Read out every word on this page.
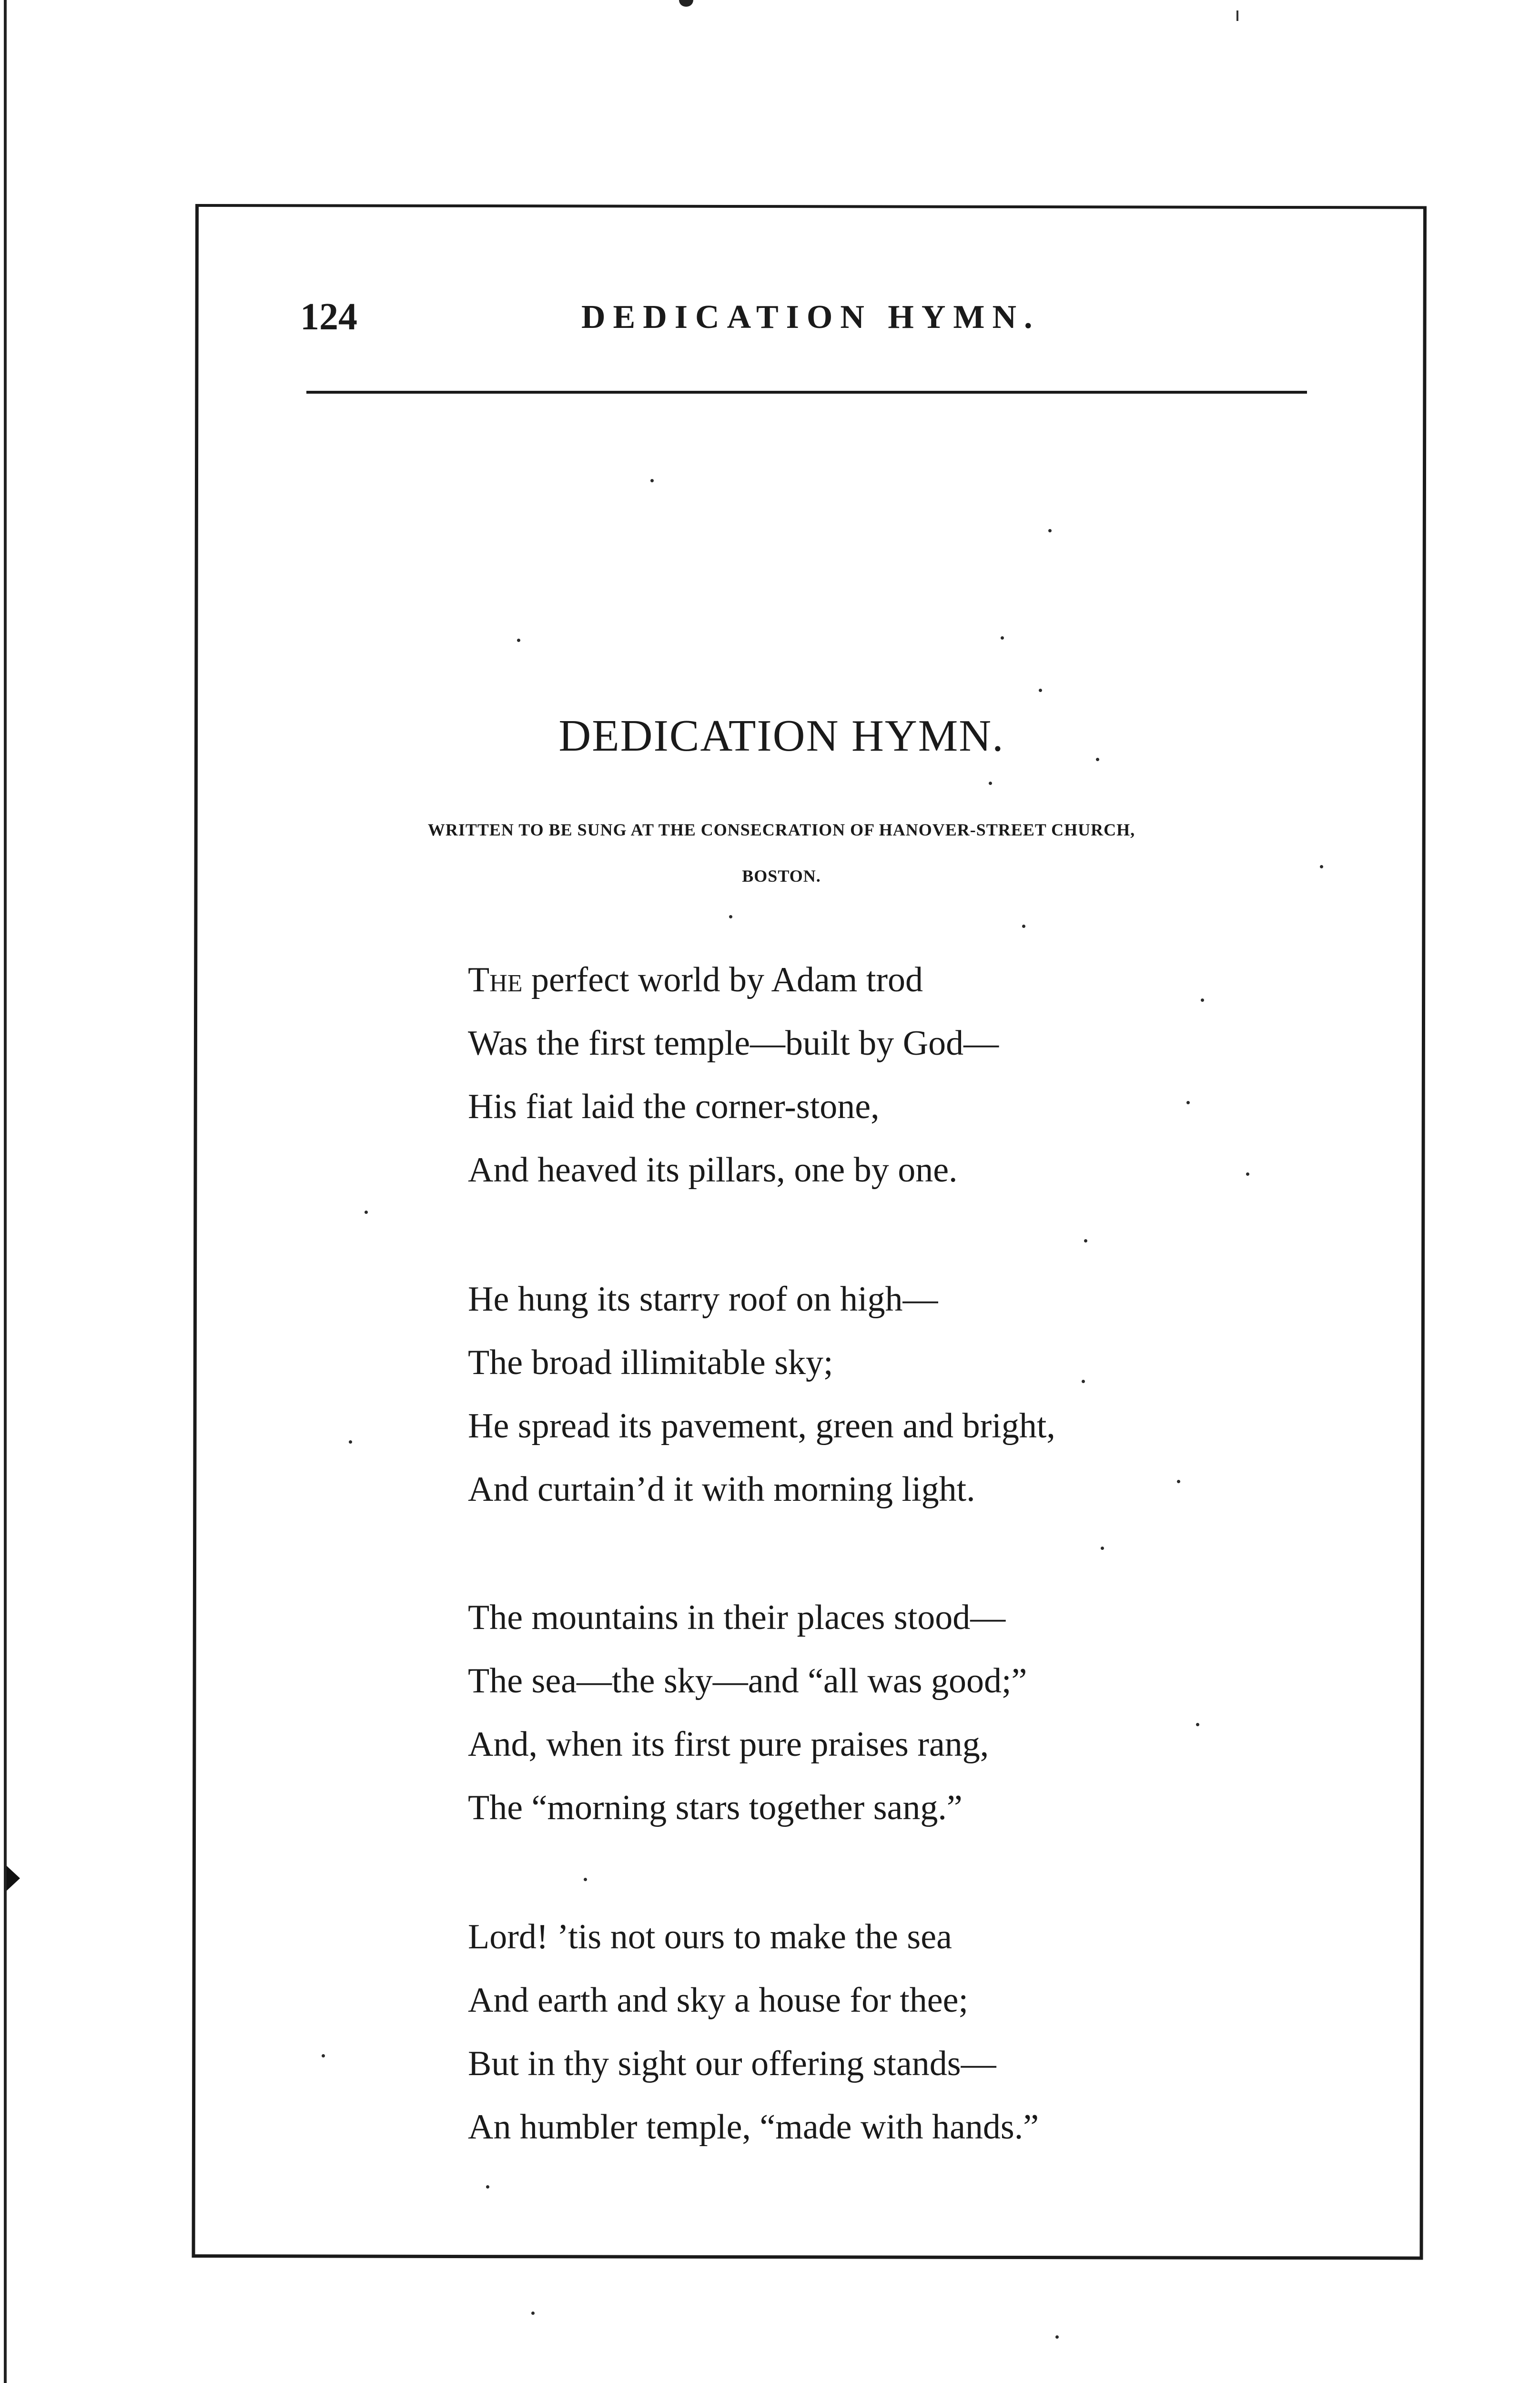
124	DEDICATION HYMN.
DEDICATION HYMN.
WRITTEN TO BE SUNG AT THE CONSECRATION OF HANOVER-STREET CHURCH,
BOSTON.
The perfect world by Adam trod
Was the first temple—built by God—
His fiat laid the corner-stone,
And heaved its pillars, one by one.
He hung its starry roof on high—
The broad illimitable sky;
He spread its pavement, green and bright,
And curtain’d it with morning light.
The mountains in their places stood—
The sea—the sky—and “all was good;”
And, when its first pure praises rang,
The “morning stars together sang.”
Lord! ’tis not ours to make the sea
And earth and sky a house for thee;
But in thy sight our offering stands—
An humbler temple, “made with hands.”
